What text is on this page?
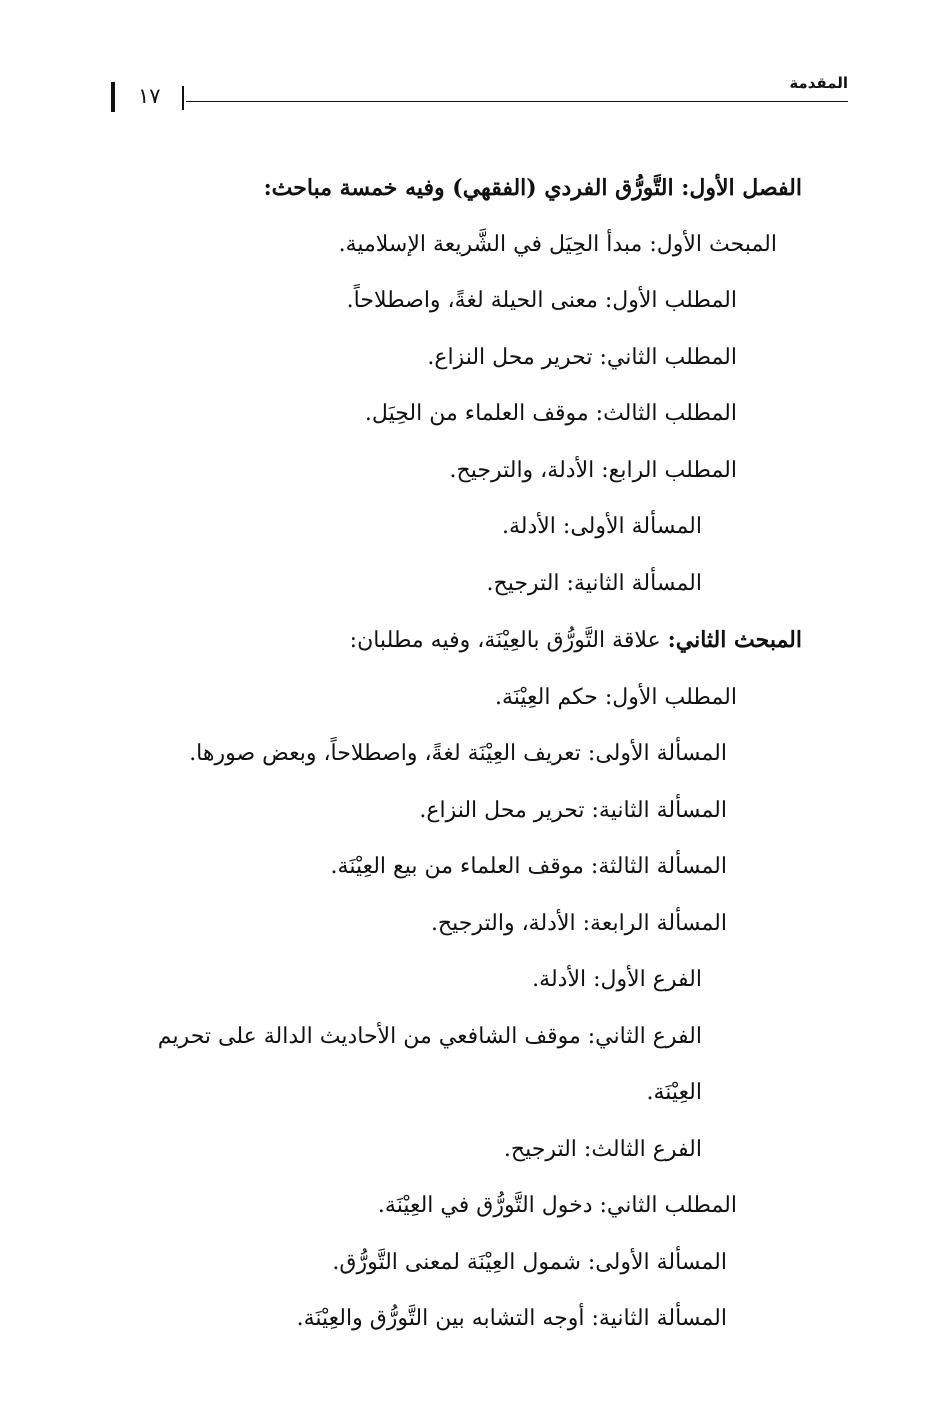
المقدمة
١٧

الفصل الأول: التَّورُّق الفردي (الفقهي) وفيه خمسة مباحث:

المبحث الأول: مبدأ الحِيَل في الشَّريعة الإسلامية.

المطلب الأول: معنى الحيلة لغةً، واصطلاحاً.

المطلب الثاني: تحرير محل النزاع.

المطلب الثالث: موقف العلماء من الحِيَل.

المطلب الرابع: الأدلة، والترجيح.

المسألة الأولى: الأدلة.

المسألة الثانية: الترجيح.

المبحث الثاني: علاقة التَّورُّق بالعِيْنَة، وفيه مطلبان:

المطلب الأول: حكم العِيْنَة.

المسألة الأولى: تعريف العِيْنَة لغةً، واصطلاحاً، وبعض صورها.

المسألة الثانية: تحرير محل النزاع.

المسألة الثالثة: موقف العلماء من بيع العِيْنَة.

المسألة الرابعة: الأدلة، والترجيح.

الفرع الأول: الأدلة.

الفرع الثاني: موقف الشافعي من الأحاديث الدالة على تحريم العِيْنَة.

الفرع الثالث: الترجيح.

المطلب الثاني: دخول التَّورُّق في العِيْنَة.

المسألة الأولى: شمول العِيْنَة لمعنى التَّورُّق.

المسألة الثانية: أوجه التشابه بين التَّورُّق والعِيْنَة.
